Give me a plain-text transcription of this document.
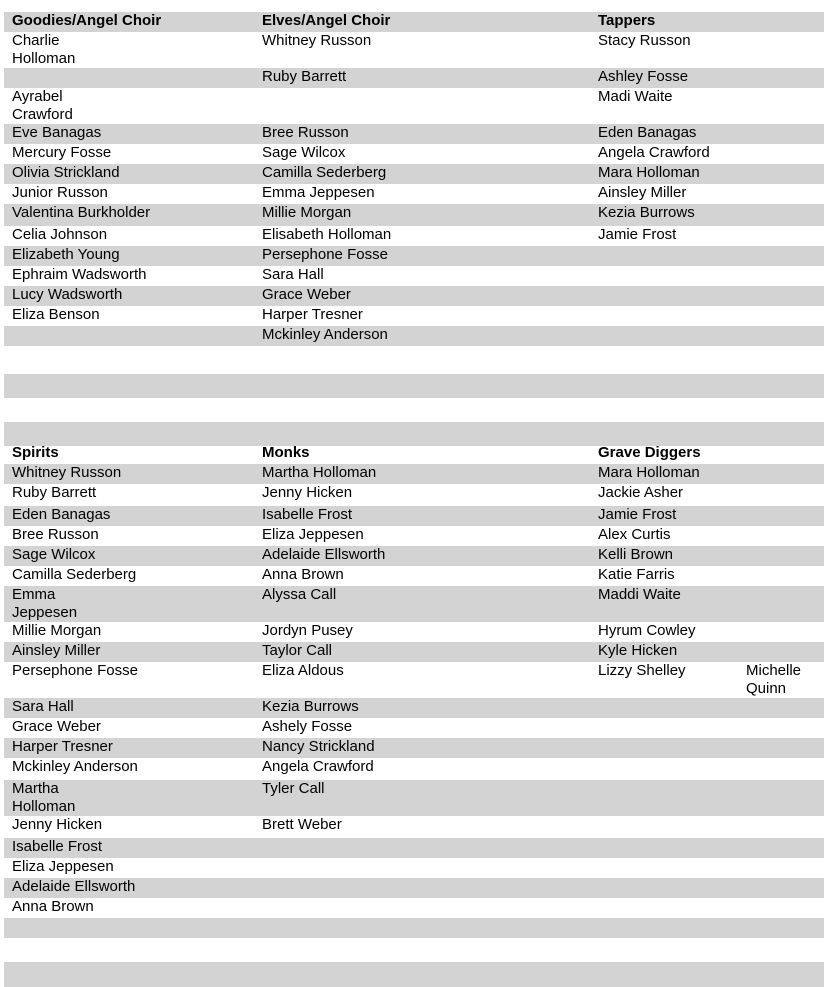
Goodies/Angel Choir	Elves/Angel Choir	Tappers
Charlie Holloman	Whitney Russon	Stacy Russon
	Ruby Barrett	Ashley Fosse
Ayrabel Crawford		Madi Waite
Eve Banagas	Bree Russon	Eden Banagas
Mercury Fosse	Sage Wilcox	Angela Crawford
Olivia Strickland	Camilla Sederberg	Mara Holloman
Junior Russon	Emma Jeppesen	Ainsley Miller
Valentina Burkholder	Millie Morgan	Kezia Burrows
Celia Johnson	Elisabeth Holloman	Jamie Frost
Elizabeth Young	Persephone Fosse	
Ephraim Wadsworth	Sara Hall	
Lucy Wadsworth	Grace Weber	
Eliza Benson	Harper Tresner	
	Mckinley Anderson	
Spirits	Monks	Grave Diggers	
Whitney Russon	Martha Holloman	Mara Holloman	
Ruby Barrett	Jenny Hicken	Jackie Asher	
Eden Banagas	Isabelle Frost	Jamie Frost	
Bree Russon	Eliza Jeppesen	Alex Curtis	
Sage Wilcox	Adelaide Ellsworth	Kelli Brown	
Camilla Sederberg	Anna Brown	Katie Farris	
Emma Jeppesen	Alyssa Call	Maddi Waite	
Millie Morgan	Jordyn Pusey	Hyrum Cowley	
Ainsley Miller	Taylor Call	Kyle Hicken	
Persephone Fosse	Eliza Aldous	Lizzy Shelley	Michelle Quinn
Sara Hall	Kezia Burrows		
Grace Weber	Ashely Fosse		
Harper Tresner	Nancy Strickland		
Mckinley Anderson	Angela Crawford		
Martha Holloman	Tyler Call		
Jenny Hicken	Brett Weber		
Isabelle Frost			
Eliza Jeppesen			
Adelaide Ellsworth			
Anna Brown			
